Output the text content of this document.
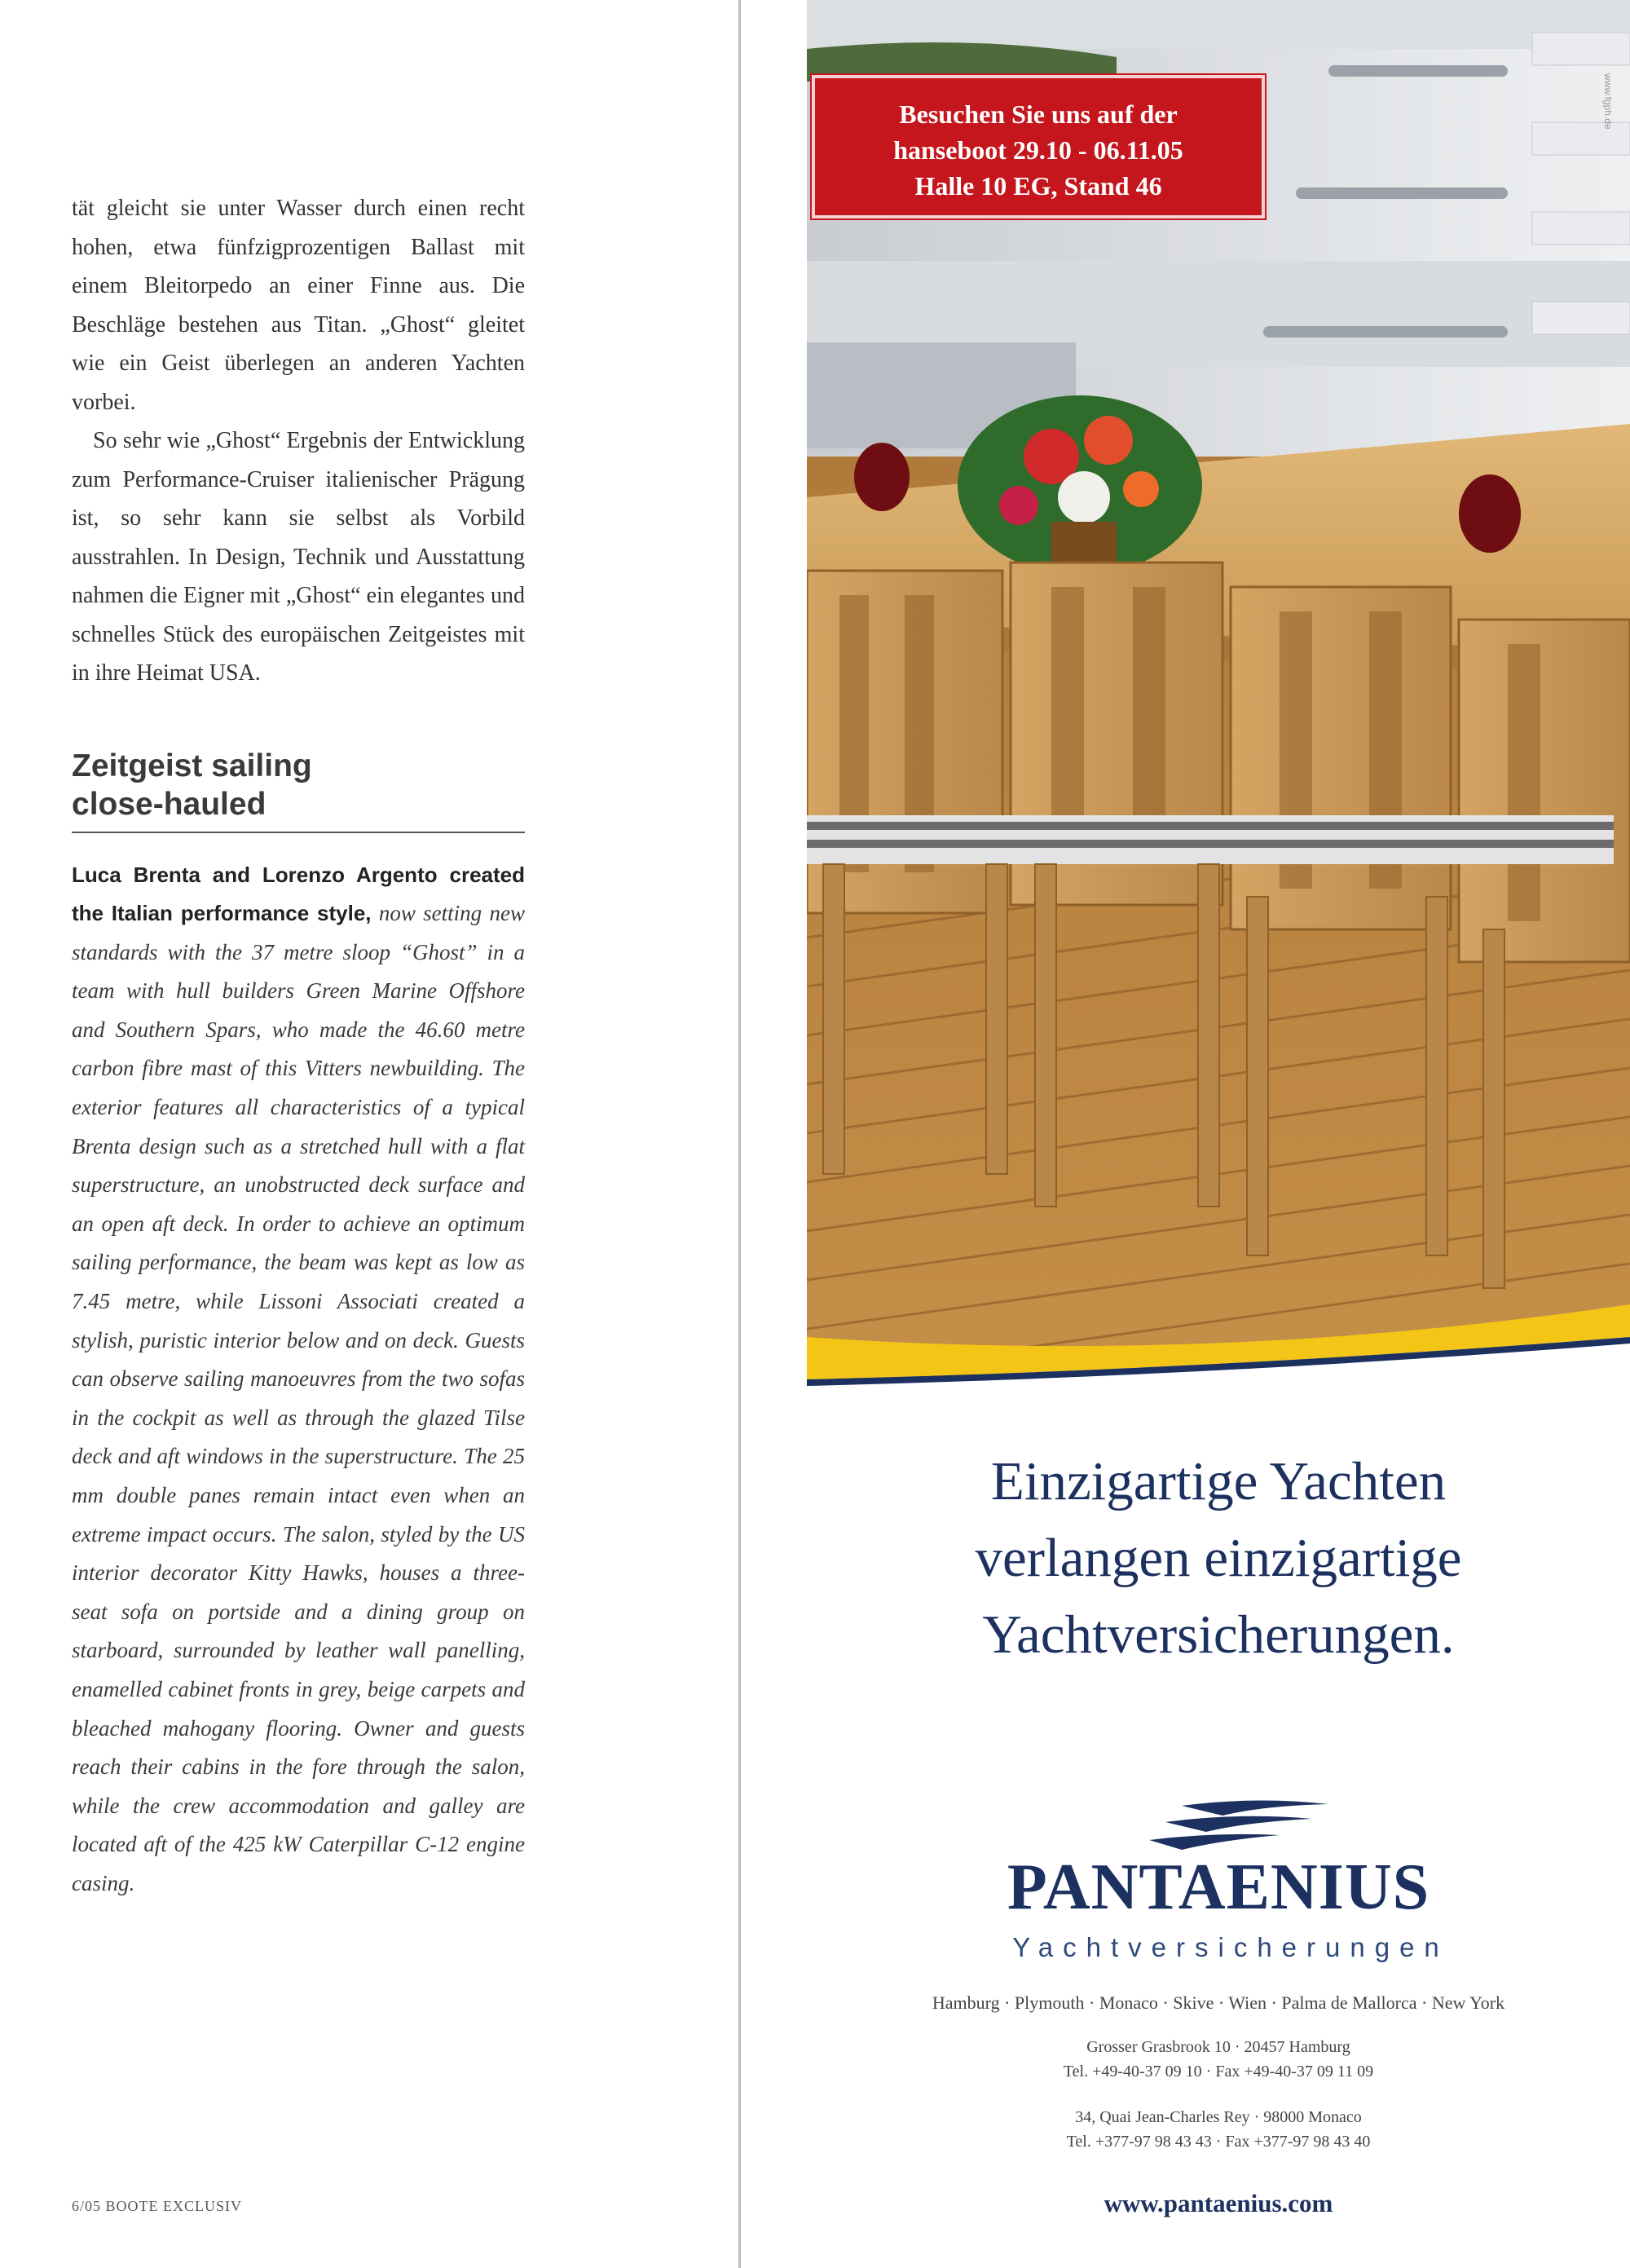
tät gleicht sie unter Wasser durch einen recht hohen, etwa fünfzigprozentigen Ballast mit einem Bleitorpedo an einer Finne aus. Die Beschläge bestehen aus Titan. „Ghost“ gleitet wie ein Geist überlegen an anderen Yachten vorbei.

So sehr wie „Ghost“ Ergebnis der Entwicklung zum Performance-Cruiser italienischer Prägung ist, so sehr kann sie selbst als Vorbild ausstrahlen. In Design, Technik und Ausstattung nahmen die Eigner mit „Ghost“ ein elegantes und schnelles Stück des europäischen Zeitgeistes mit in ihre Heimat USA.

Zeitgeist sailing
close-hauled
Luca Brenta and Lorenzo Argento created the Italian performance style, now setting new standards with the 37 metre sloop “Ghost” in a team with hull builders Green Marine Offshore and Southern Spars, who made the 46.60 metre carbon fibre mast of this Vitters newbuilding. The exterior features all characteristics of a typical Brenta design such as a stretched hull with a flat superstructure, an unobstructed deck surface and an open aft deck. In order to achieve an optimum sailing performance, the beam was kept as low as 7.45 metre, while Lissoni Associati created a stylish, puristic interior below and on deck. Guests can observe sailing manoeuvres from the two sofas in the cockpit as well as through the glazed Tilse deck and aft windows in the superstructure. The 25 mm double panes remain intact even when an extreme impact occurs. The salon, styled by the US interior decorator Kitty Hawks, houses a three-seat sofa on portside and a dining group on starboard, surrounded by leather wall panelling, enamelled cabinet fronts in grey, beige carpets and bleached mahogany flooring. Owner and guests reach their cabins in the fore through the salon, while the crew accommodation and galley are located aft of the 425 kW Caterpillar C-12 engine casing.
6/05 BOOTE EXCLUSIV
Besuchen Sie uns auf der
hanseboot 29.10 - 06.11.05
Halle 10 EG, Stand 46
Einzigartige Yachten
verlangen einzigartige
Yachtversicherungen.
PANTAENIUS
Yachtversicherungen
Hamburg · Plymouth · Monaco · Skive · Wien · Palma de Mallorca · New York
Grosser Grasbrook 10 · 20457 Hamburg
Tel. +49-40-37 09 10 · Fax +49-40-37 09 11 09
34, Quai Jean-Charles Rey · 98000 Monaco
Tel. +377-97 98 43 43 · Fax +377-97 98 43 40
www.pantaenius.com
www.fgph.de
